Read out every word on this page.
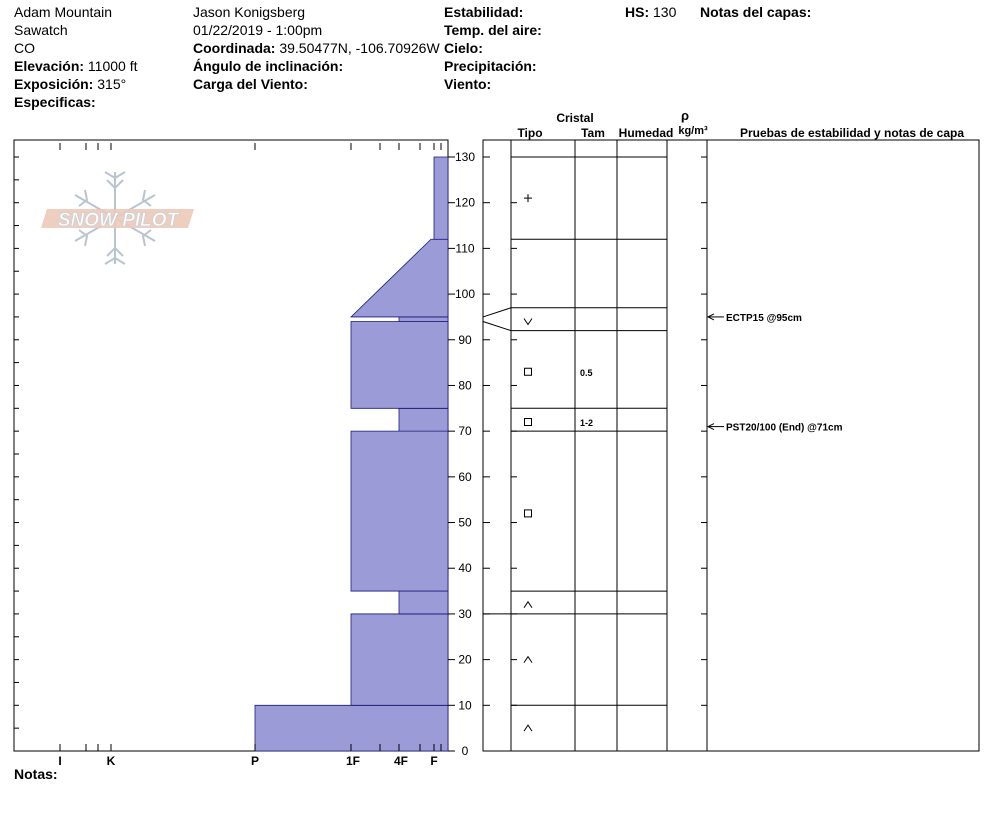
Adam Mountain
Sawatch
CO
Elevación: 11000 ft
Exposición: 315°
Especificas:
Jason Konigsberg
01/22/2019 - 1:00pm
Coordinada: 39.50477N, -106.70926W
Ángulo de inclinación:
Carga del Viento:
Estabilidad:
Temp. del aire:
Cielo:
Precipitación:
Viento:
HS: 130 Notas del capas:
Notas:
I	K	P	1F	4F F
0
10
20
30
40
50
60
70
80
90
100
110
120
130
SNOW PILOT
1-2
0.5
ECTP15 @95cm
PST20/100 (End) @71cm
Cristal
Tipo	Tam Humedad
ρ
kg/m³	Pruebas de estabilidad y notas de capa
